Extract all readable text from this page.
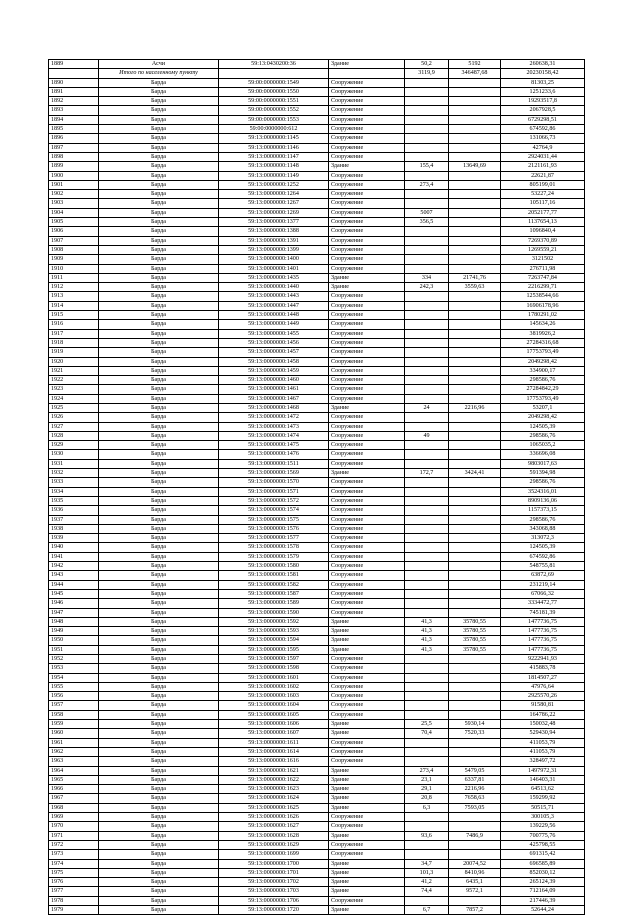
1889	Асчи	59:13:0430200:36	Здание	50,2	5192	260638,31
	Итого по населенному пункту			3119,9	346487,68	20230158,42
1890	Барда	59:00:0000000:1549	Сооружение			81303,25
1891	Барда	59:00:0000000:1550	Сооружение			1251233,6
1892	Барда	59:00:0000000:1551	Сооружение			19293517,8
1893	Барда	59:00:0000000:1552	Сооружение			2067928,5
1894	Барда	59:00:0000000:1553	Сооружение			6729298,51
1895	Барда	59:00:0000000:612	Сооружение			674592,86
1896	Барда	59:13:0000000:1145	Сооружение			131066,73
1897	Барда	59:13:0000000:1146	Сооружение			42764,9
1898	Барда	59:13:0000000:1147	Сооружение			2924031,44
1899	Барда	59:13:0000000:1148	Здание	155,4	13649,69	2121161,93
1900	Барда	59:13:0000000:1149	Сооружение			22621,87
1901	Барда	59:13:0000000:1252	Сооружение	273,4		805199,01
1902	Барда	59:13:0000000:1264	Сооружение			53227,24
1903	Барда	59:13:0000000:1267	Сооружение			105117,16
1904	Барда	59:13:0000000:1269	Сооружение	5007		2052177,77
1905	Барда	59:13:0000000:1377	Сооружение	356,5		1137654,13
1906	Барда	59:13:0000000:1388	Сооружение			1096840,4
1907	Барда	59:13:0000000:1391	Сооружение			7269370,89
1908	Барда	59:13:0000000:1399	Сооружение			1269559,21
1909	Барда	59:13:0000000:1400	Сооружение			3121502
1910	Барда	59:13:0000000:1401	Сооружение			276711,98
1911	Барда	59:13:0000000:1435	Здание	334	21741,76	7263747,84
1912	Барда	59:13:0000000:1440	Здание	242,3	3559,63	2216299,71
1913	Барда	59:13:0000000:1443	Сооружение			12538544,66
1914	Барда	59:13:0000000:1447	Сооружение			16906178,96
1915	Барда	59:13:0000000:1448	Сооружение			1780291,02
1916	Барда	59:13:0000000:1449	Сооружение			145634,26
1917	Барда	59:13:0000000:1455	Сооружение			3819926,2
1918	Барда	59:13:0000000:1456	Сооружение			27284316,68
1919	Барда	59:13:0000000:1457	Сооружение			17753793,49
1920	Барда	59:13:0000000:1458	Сооружение			2049298,42
1921	Барда	59:13:0000000:1459	Сооружение			334900,17
1922	Барда	59:13:0000000:1460	Сооружение			298586,76
1923	Барда	59:13:0000000:1461	Сооружение			27284842,29
1924	Барда	59:13:0000000:1467	Сооружение			17753793,49
1925	Барда	59:13:0000000:1468	Здание	24	2216,96	53207,1
1926	Барда	59:13:0000000:1472	Сооружение			2049298,42
1927	Барда	59:13:0000000:1473	Сооружение			124505,39
1928	Барда	59:13:0000000:1474	Сооружение	49		298586,76
1929	Барда	59:13:0000000:1475	Сооружение			1065035,2
1930	Барда	59:13:0000000:1476	Сооружение			336696,08
1931	Барда	59:13:0000000:1511	Сооружение			9803017,63
1932	Барда	59:13:0000000:1569	Здание	172,7	3424,41	591394,98
1933	Барда	59:13:0000000:1570	Сооружение			298586,76
1934	Барда	59:13:0000000:1571	Сооружение			3524316,01
1935	Барда	59:13:0000000:1572	Сооружение			8909136,06
1936	Барда	59:13:0000000:1574	Сооружение			1157373,15
1937	Барда	59:13:0000000:1575	Сооружение			298586,76
1938	Барда	59:13:0000000:1576	Сооружение			343068,88
1939	Барда	59:13:0000000:1577	Сооружение			313072,3
1940	Барда	59:13:0000000:1578	Сооружение			124505,39
1941	Барда	59:13:0000000:1579	Сооружение			674592,86
1942	Барда	59:13:0000000:1580	Сооружение			548755,81
1943	Барда	59:13:0000000:1581	Сооружение			63872,69
1944	Барда	59:13:0000000:1582	Сооружение			231219,14
1945	Барда	59:13:0000000:1587	Сооружение			67066,32
1946	Барда	59:13:0000000:1589	Сооружение			3334472,77
1947	Барда	59:13:0000000:1590	Сооружение			745181,39
1948	Барда	59:13:0000000:1592	Здание	41,3	35780,55	1477736,75
1949	Барда	59:13:0000000:1593	Здание	41,3	35780,55	1477736,75
1950	Барда	59:13:0000000:1594	Здание	41,3	35780,55	1477736,75
1951	Барда	59:13:0000000:1595	Здание	41,3	35780,55	1477736,75
1952	Барда	59:13:0000000:1597	Сооружение			9222941,93
1953	Барда	59:13:0000000:1598	Сооружение			415883,78
1954	Барда	59:13:0000000:1601	Сооружение			1814507,27
1955	Барда	59:13:0000000:1602	Сооружение			47976,64
1956	Барда	59:13:0000000:1603	Сооружение			2925570,26
1957	Барда	59:13:0000000:1604	Сооружение			91580,81
1958	Барда	59:13:0000000:1605	Сооружение			164786,22
1959	Барда	59:13:0000000:1606	Здание	25,5	5930,14	150032,48
1960	Барда	59:13:0000000:1607	Здание	70,4	7520,33	529430,94
1961	Барда	59:13:0000000:1611	Сооружение			411053,79
1962	Барда	59:13:0000000:1614	Сооружение			411053,79
1963	Барда	59:13:0000000:1616	Сооружение			328497,72
1964	Барда	59:13:0000000:1621	Здание	273,4	5479,05	1497972,31
1965	Барда	59:13:0000000:1622	Здание	23,1	6337,81	146403,31
1966	Барда	59:13:0000000:1623	Здание	29,1	2216,96	64513,62
1967	Барда	59:13:0000000:1624	Здание	20,8	7658,63	159299,92
1968	Барда	59:13:0000000:1625	Здание	6,3	7593,05	50515,71
1969	Барда	59:13:0000000:1626	Сооружение			300105,3
1970	Барда	59:13:0000000:1627	Сооружение			139229,56
1971	Барда	59:13:0000000:1628	Здание	93,6	7486,9	700775,76
1972	Барда	59:13:0000000:1629	Сооружение			425798,55
1973	Барда	59:13:0000000:1699	Сооружение			691315,42
1974	Барда	59:13:0000000:1700	Здание	34,7	20074,52	696585,89
1975	Барда	59:13:0000000:1701	Здание	101,3	8410,96	852030,12
1976	Барда	59:13:0000000:1702	Здание	41,2	6435,1	265124,39
1977	Барда	59:13:0000000:1703	Здание	74,4	9572,1	712164,09
1978	Барда	59:13:0000000:1706	Сооружение			217446,39
1979	Барда	59:13:0000000:1720	Здание	6,7	7857,2	52644,24
